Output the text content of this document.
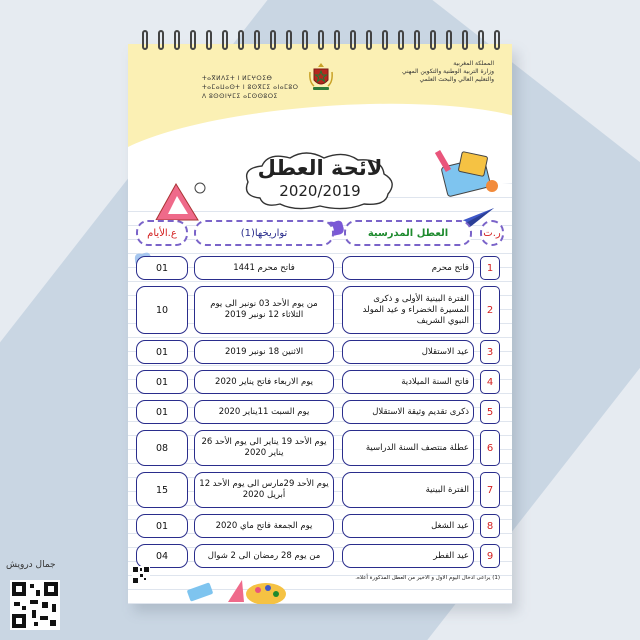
المملكة المغربية
وزارة التربية الوطنية والتكوين المهني
والتعليم العالي والبحث العلمي
ⵜⴰⴳⵍⴷⵉⵜ ⵏ ⵍⵎⵖⵔⵉⴱ
ⵜⴰⵎⴰⵡⴰⵙⵜ ⵏ ⵓⵙⴳⵎⵉ ⴰⵏⴰⵎⵓⵔ
ⴷ ⵓⵙⵙⵏⵖⵎⵉ ⴰⵎⵙⵙⵓⵔⵉ
لائحة العطل
2020/2019
ر.ت
العطل المدرسية
تواريخها(1)
ع.الأيام
1
فاتح محرم
فاتح محرم 1441
01
2
الفترة البينية الأولى و ذكرى المسيرة الخضراء و عيد المولد النبوي الشريف
من يوم الأحد 03 نونبر الى يوم الثلاثاء 12 نونبر 2019
10
3
عيد الاستقلال
الاثنين 18 نونبر 2019
01
4
فاتح السنة الميلادية
يوم الاربعاء فاتح يناير 2020
01
5
ذكرى تقديم وثيقة الاستقلال
يوم السبت 11يناير 2020
01
6
عطلة منتصف السنة الدراسية
يوم الأحد 19 يناير الى يوم الأحد 26 يناير 2020
08
7
الفترة البينية
يوم الأحد 29مارس الى يوم الأحد 12 أبريل 2020
15
8
عيد الشغل
يوم الجمعة فاتح ماي 2020
01
9
عيد الفطر
من يوم 28 رمضان الى 2 شوال
04
(1) يراعى ادخال اليوم الاول و الاخير من العطل المذكورة أعلاه.
جمال درويش
